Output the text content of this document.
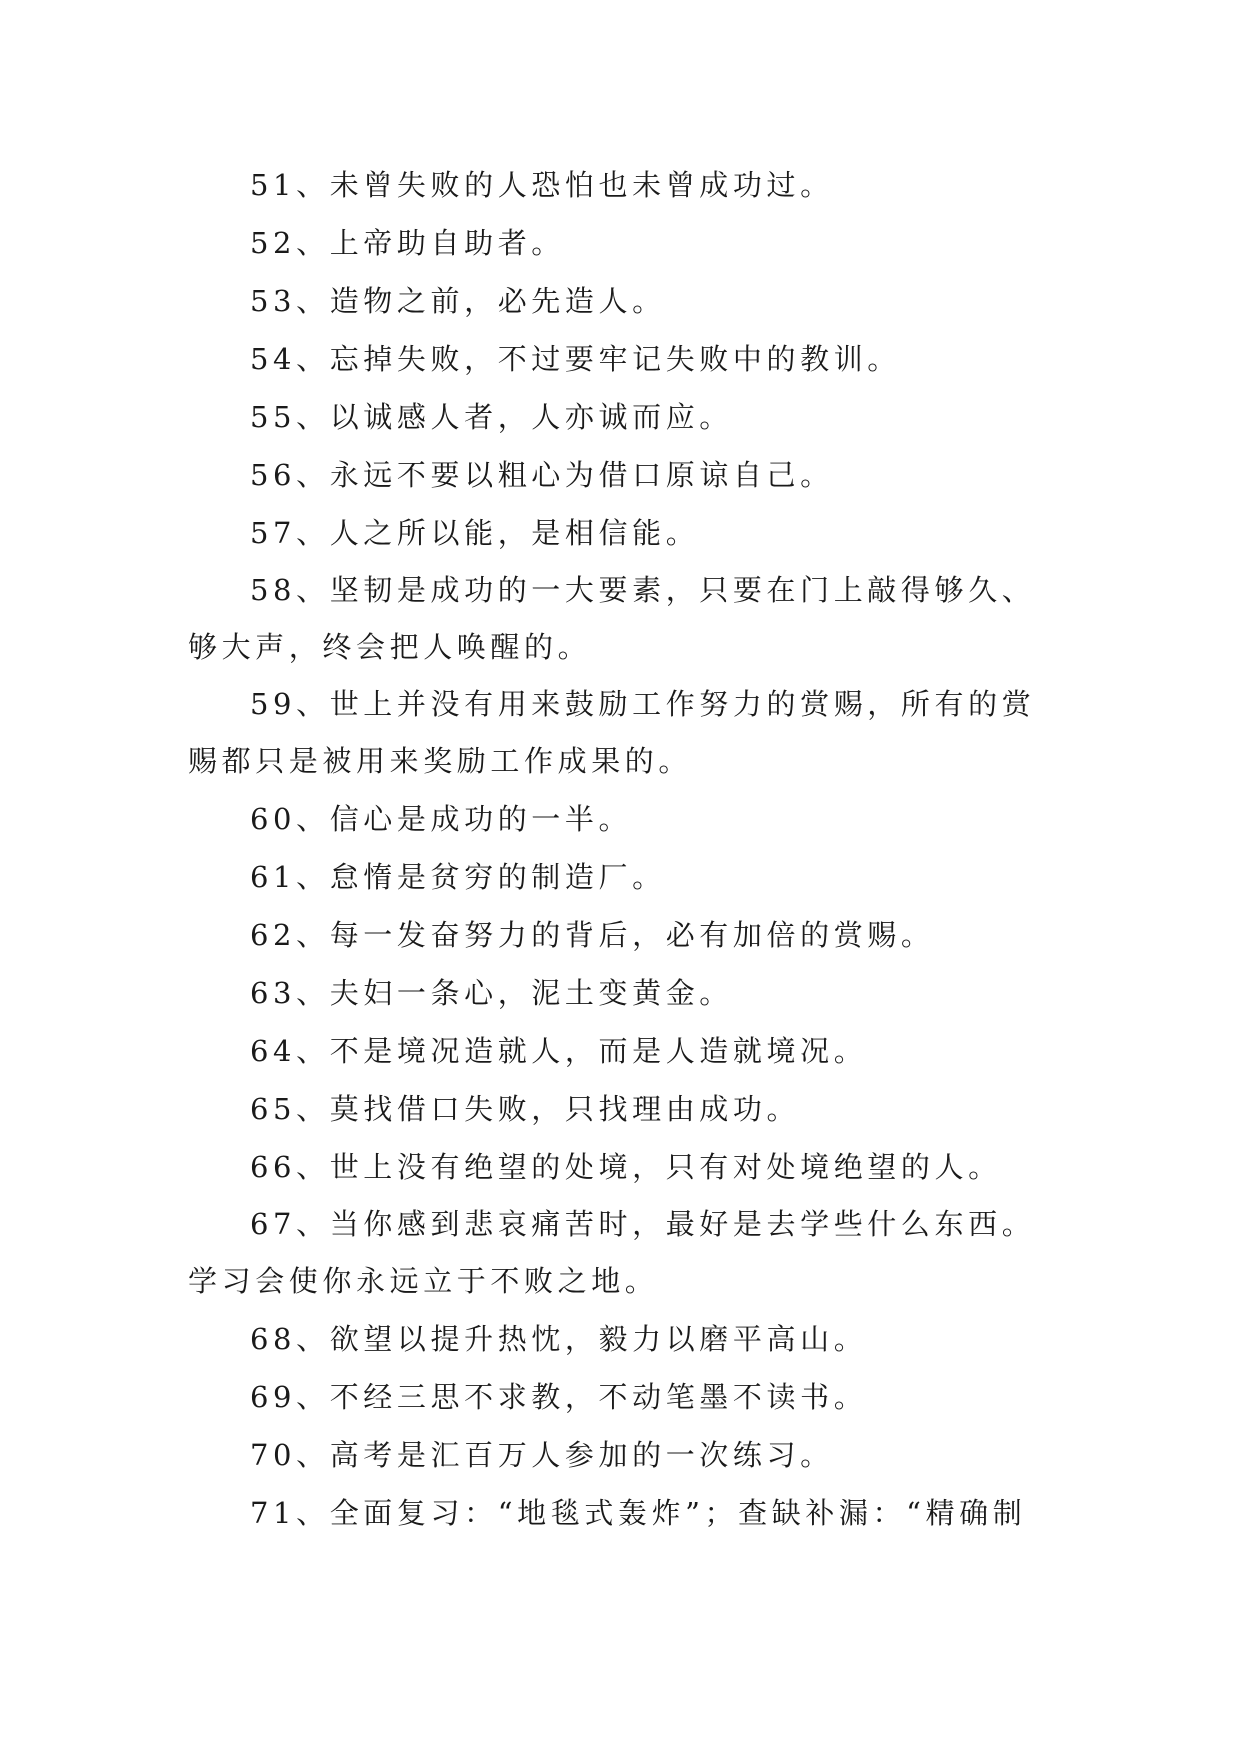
51、未曾失败的人恐怕也未曾成功过。

52、上帝助自助者。

53、造物之前，必先造人。

54、忘掉失败，不过要牢记失败中的教训。

55、以诚感人者，人亦诚而应。

56、永远不要以粗心为借口原谅自己。

57、人之所以能，是相信能。

58、坚韧是成功的一大要素，只要在门上敲得够久、够大声，终会把人唤醒的。

59、世上并没有用来鼓励工作努力的赏赐，所有的赏赐都只是被用来奖励工作成果的。

60、信心是成功的一半。

61、怠惰是贫穷的制造厂。

62、每一发奋努力的背后，必有加倍的赏赐。

63、夫妇一条心，泥土变黄金。

64、不是境况造就人，而是人造就境况。

65、莫找借口失败，只找理由成功。

66、世上没有绝望的处境，只有对处境绝望的人。

67、当你感到悲哀痛苦时，最好是去学些什么东西。学习会使你永远立于不败之地。

68、欲望以提升热忱，毅力以磨平高山。

69、不经三思不求教，不动笔墨不读书。

70、高考是汇百万人参加的一次练习。

71、全面复习：“地毯式轰炸”；查缺补漏：“精确制
